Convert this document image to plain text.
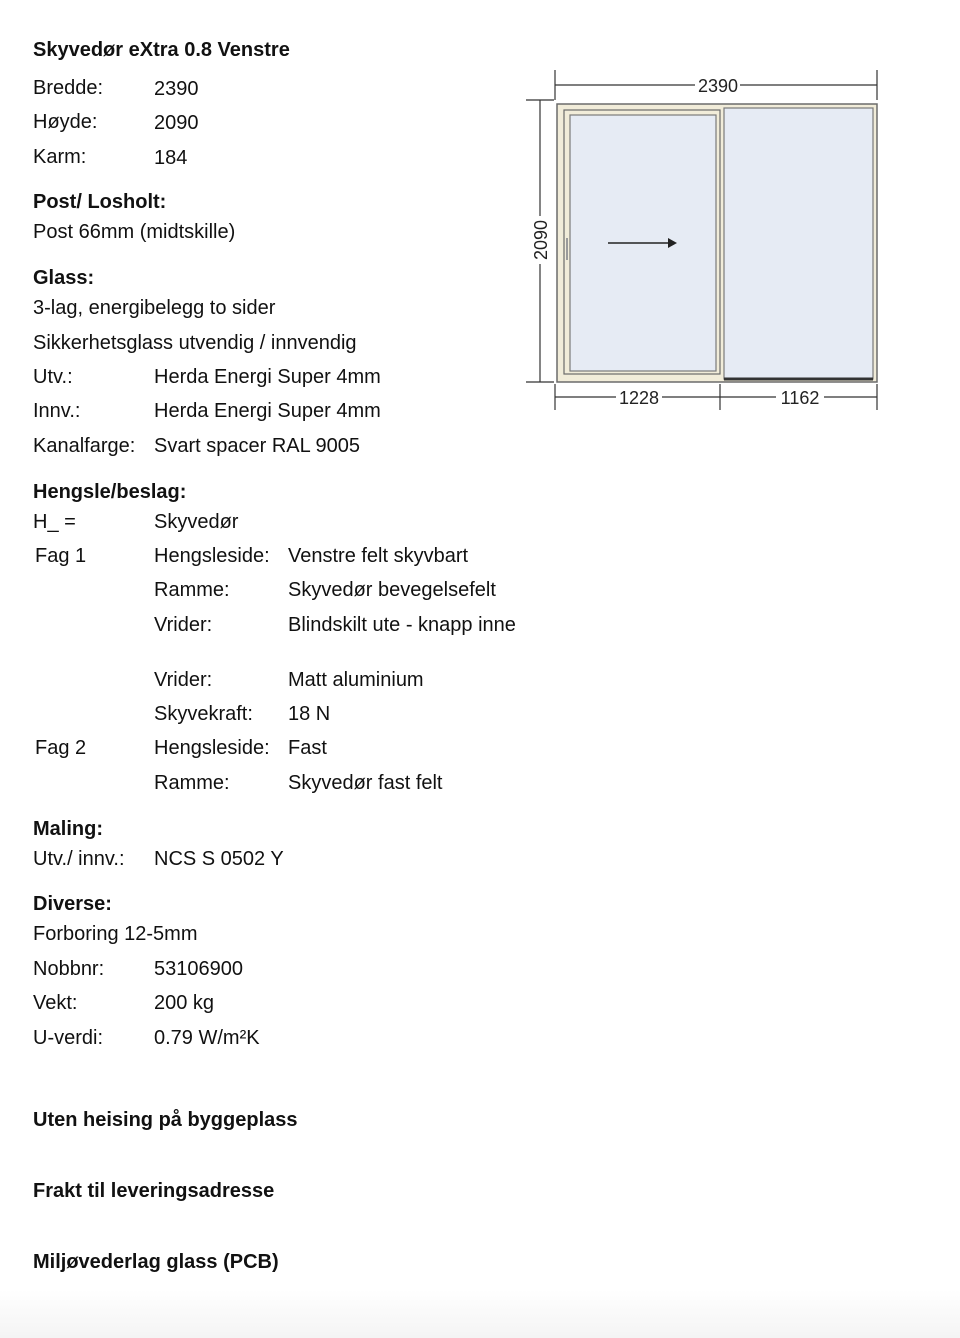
Skyvedør eXtra 0.8 Venstre
Bredde:	2390
Høyde:	2090
Karm:	184
Post/ Losholt:
Post 66mm (midtskille)
Glass:
3-lag, energibelegg to sider
Sikkerhetsglass utvendig / innvendig
Utv.:	Herda Energi Super 4mm
Innv.:	Herda Energi Super 4mm
Kanalfarge: Svart spacer RAL 9005
Hengsle/beslag:
H_ =	Skyvedør
Fag 1	Hengsleside: Venstre felt skyvbart
Ramme:	Skyvedør bevegelsefelt
Vrider:	Blindskilt ute - knapp inne
Vrider:	Matt aluminium
Skyvekraft: 18 N
Fag 2	Hengsleside: Fast
Ramme:	Skyvedør fast felt
Maling:
Utv./ innv.: NCS S 0502 Y
Diverse:
Forboring 12-5mm
Nobbnr: 53106900
Vekt:	200 kg
U-verdi:	0.79 W/m²K
Uten heising på byggeplass
Frakt til leveringsadresse
Miljøvederlag glass (PCB)
2390
2090
1228	1162
